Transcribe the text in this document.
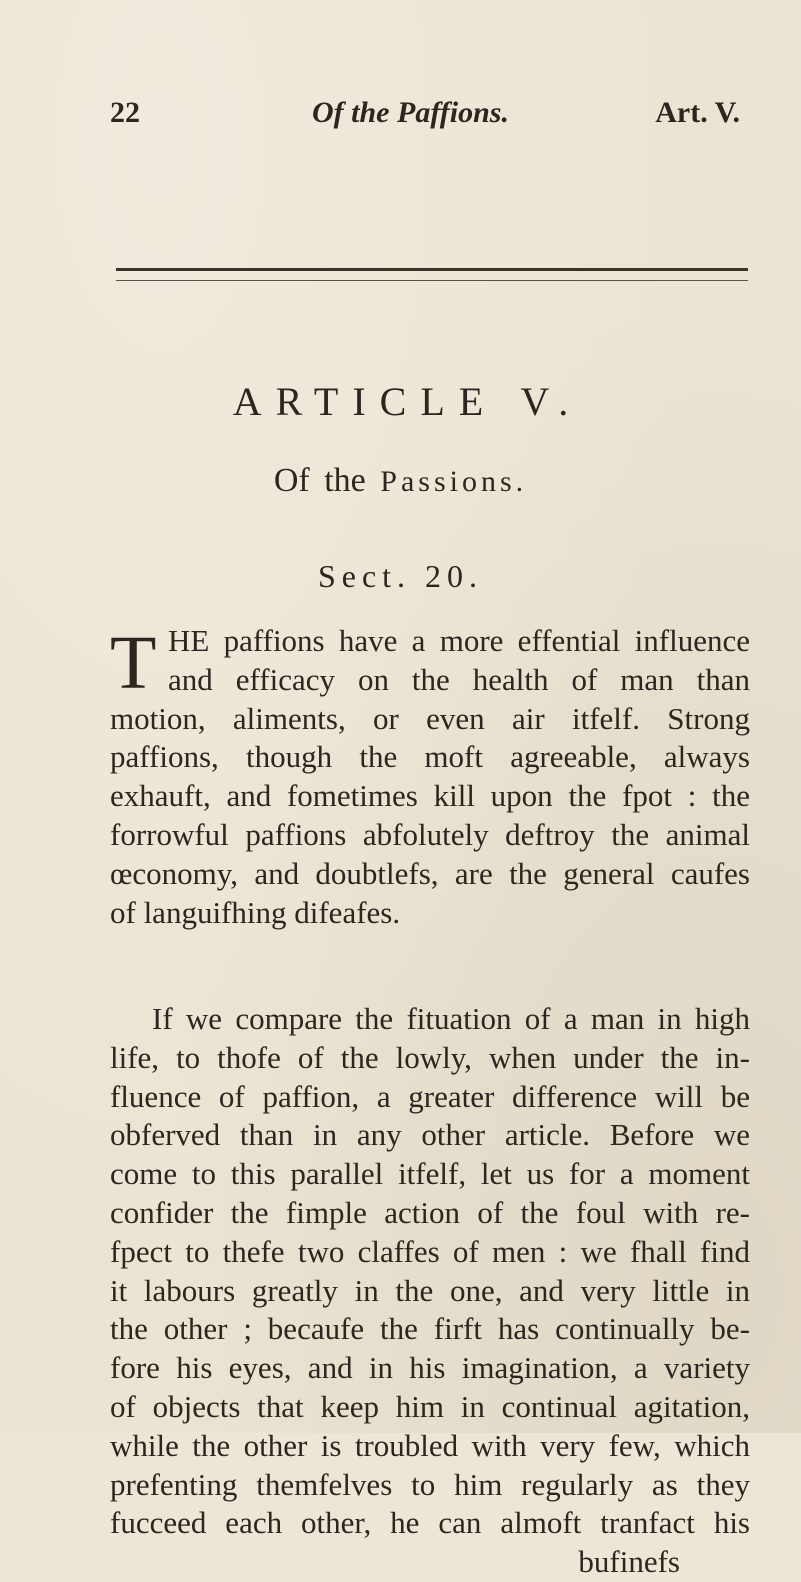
22	Of the Paffions.	Art. V.
ARTICLE V.
Of the Passions.
Sect. 20.
T HE paffions have a more effential influence
and efficacy on the health of man than
motion, aliments, or even air itfelf. Strong
paffions, though the moft agreeable, always
exhauft, and fometimes kill upon the fpot : the
forrowful paffions abfolutely deftroy the animal
œconomy, and doubtlefs, are the general caufes
of languifhing difeafes.
If we compare the fituation of a man in high
life, to thofe of the lowly, when under the in-
fluence of paffion, a greater difference will be
obferved than in any other article. Before we
come to this parallel itfelf, let us for a moment
confider the fimple action of the foul with re-
fpect to thefe two claffes of men : we fhall find
it labours greatly in the one, and very little in
the other ; becaufe the firft has continually be-
fore his eyes, and in his imagination, a variety
of objects that keep him in continual agitation,
while the other is troubled with very few, which
prefenting themfelves to him regularly as they
fucceed each other, he can almoft tranfact his
bufinefs
